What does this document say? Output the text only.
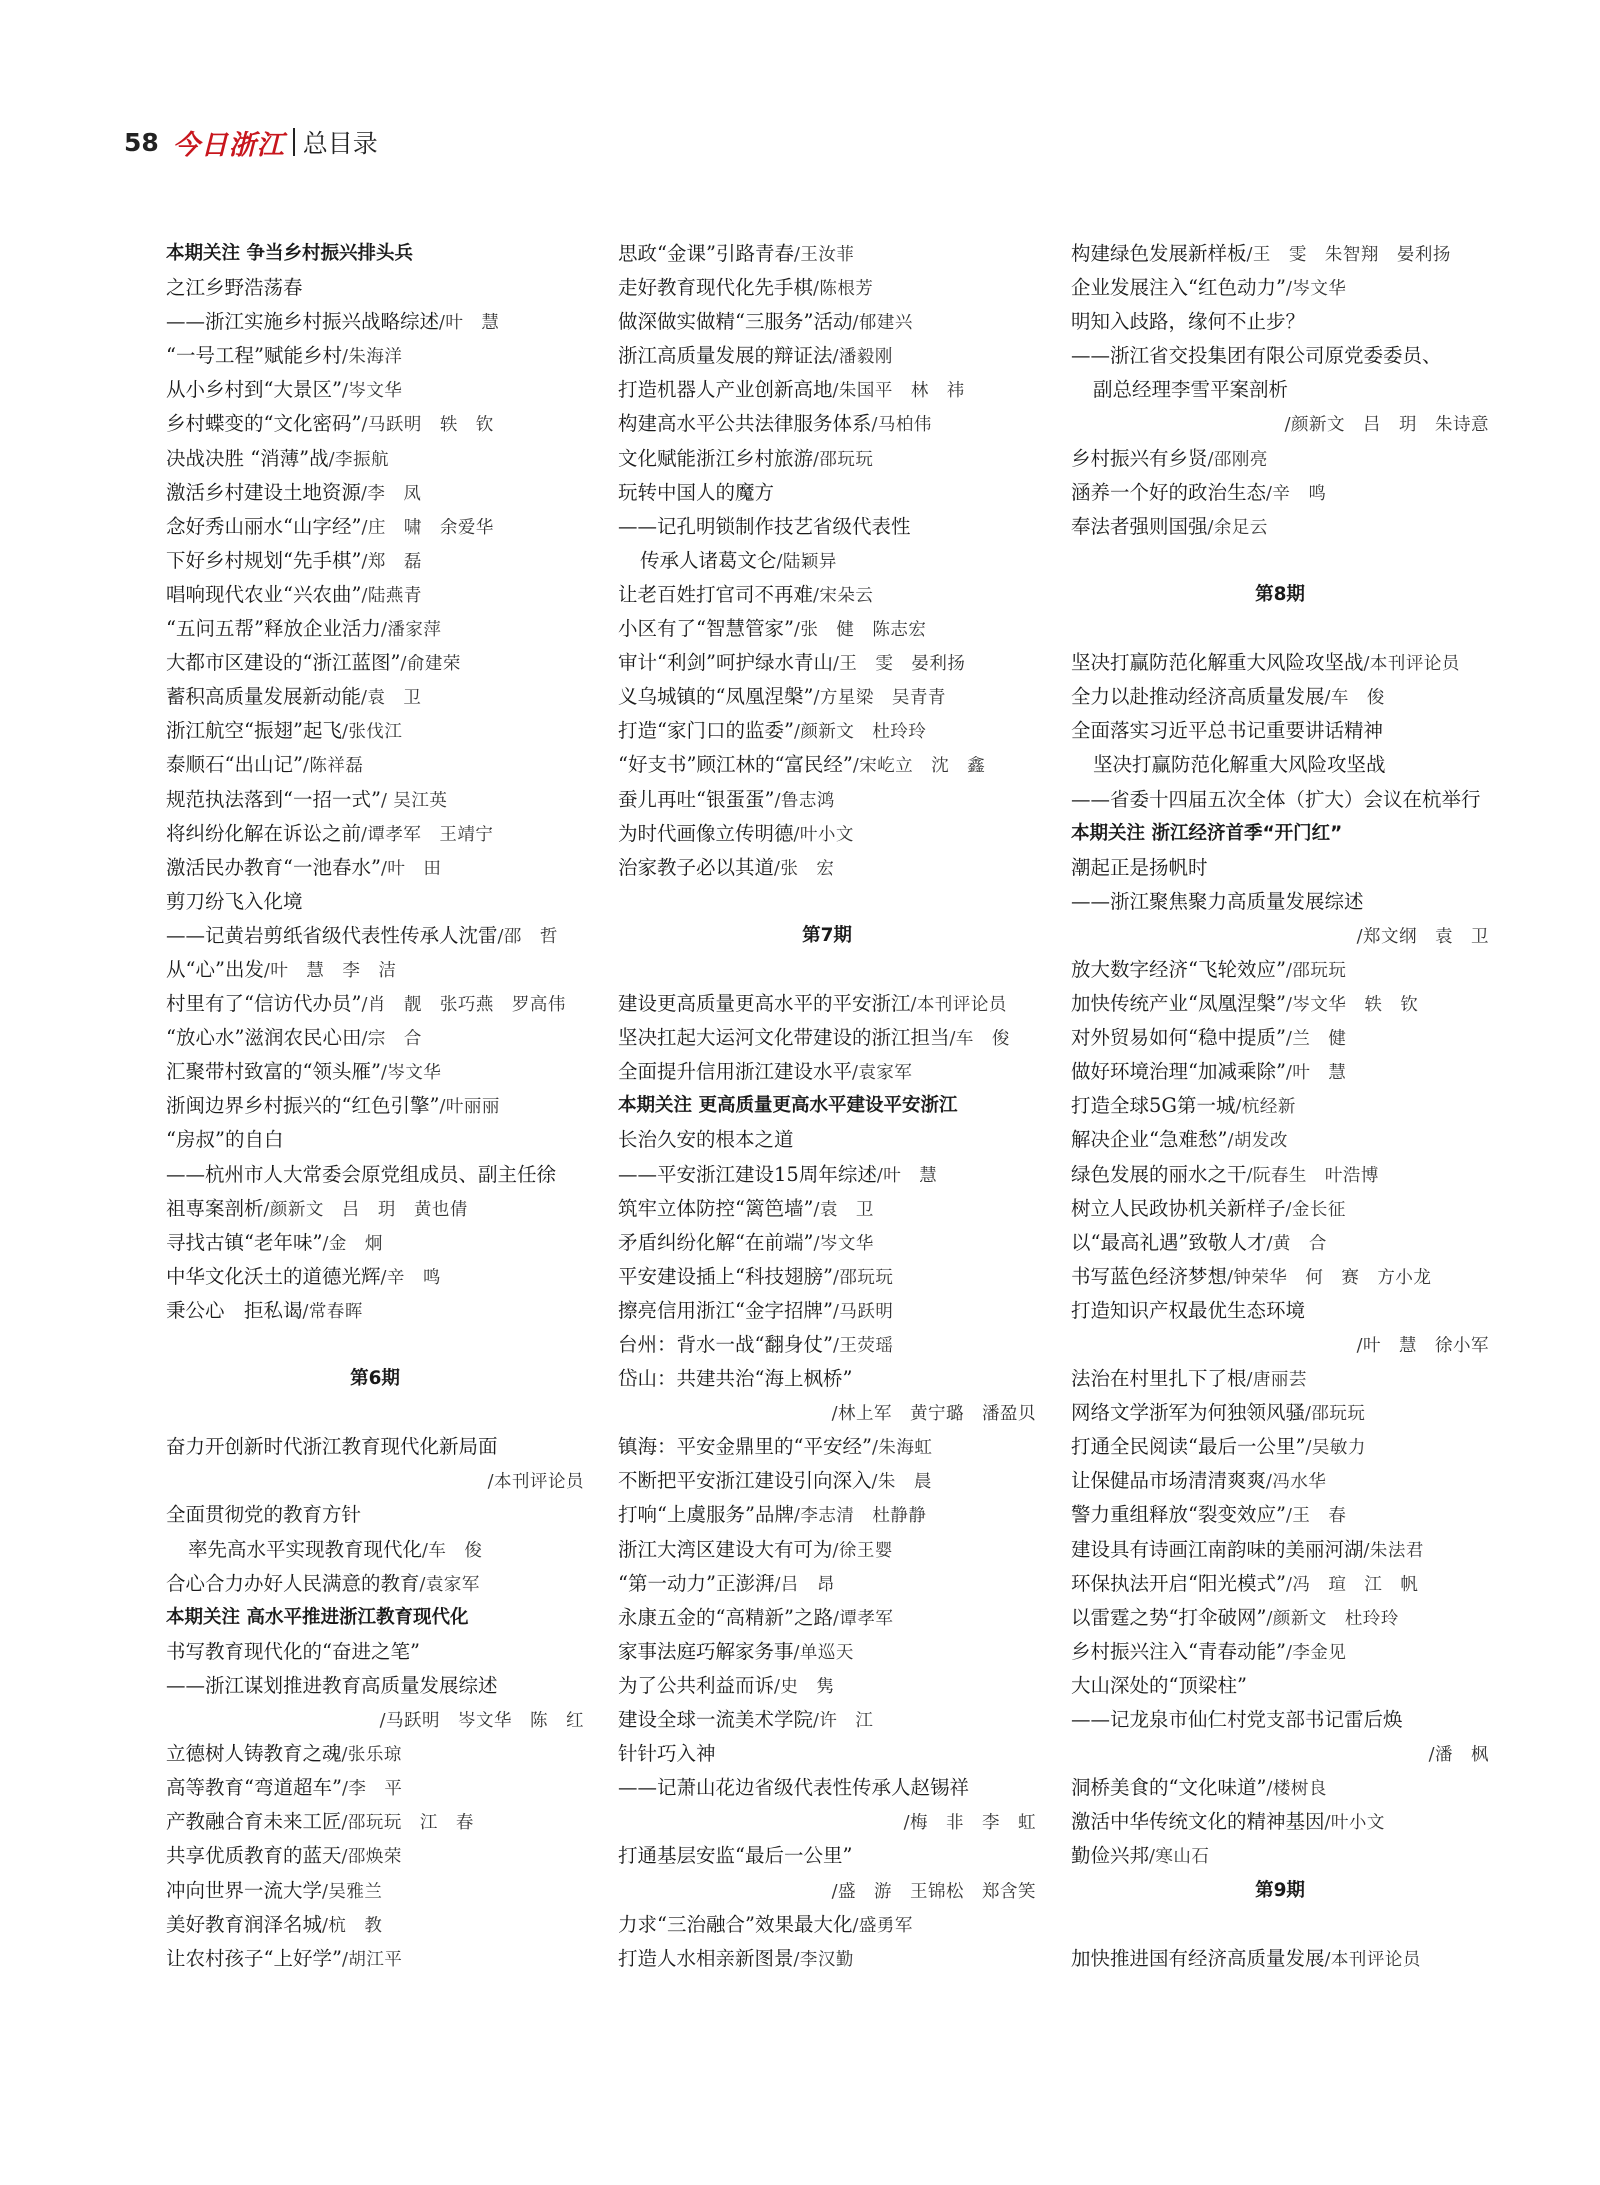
58 今日浙江 总目录
本期关注 争当乡村振兴排头兵
之江乡野浩荡春
——浙江实施乡村振兴战略综述/叶　慧
“一号工程”赋能乡村/朱海洋
从小乡村到“大景区”/岑文华
乡村蝶变的“文化密码”/马跃明　轶　钦
决战决胜 “消薄”战/李振航
激活乡村建设土地资源/李　凤
念好秀山丽水“山字经”/庄　啸　余爱华
下好乡村规划“先手棋”/郑　磊
唱响现代农业“兴农曲”/陆燕青
“五问五帮”释放企业活力/潘家萍
大都市区建设的“浙江蓝图”/俞建荣
蓄积高质量发展新动能/袁　卫
浙江航空“振翅”起飞/张伐江
泰顺石“出山记”/陈祥磊
规范执法落到“一招一式”/ 吴江英
将纠纷化解在诉讼之前/谭孝军　王靖宁
激活民办教育“一池春水”/叶　田
剪刀纷飞入化境
——记黄岩剪纸省级代表性传承人沈雷/邵　哲
从“心”出发/叶　慧　李　洁
村里有了“信访代办员”/肖　靓　张巧燕　罗高伟
“放心水”滋润农民心田/宗　合
汇聚带村致富的“领头雁”/岑文华
浙闽边界乡村振兴的“红色引擎”/叶丽丽
“房叔”的自白
——杭州市人大常委会原党组成员、副主任徐
祖専案剖析/颜新文　吕　玥　黄也倩
寻找古镇“老年味”/金　炯
中华文化沃土的道德光辉/辛　鸣
秉公心　拒私谒/常春晖
第6期
奋力开创新时代浙江教育现代化新局面
/本刊评论员
全面贯彻党的教育方针
率先高水平实现教育现代化/车　俊
合心合力办好人民满意的教育/袁家军
本期关注 高水平推进浙江教育现代化
书写教育现代化的“奋进之笔”
——浙江谋划推进教育高质量发展综述
/马跃明　岑文华　陈　红
立德树人铸教育之魂/张乐琼
高等教育“弯道超车”/李　平
产教融合育未来工匠/邵玩玩　江　春
共享优质教育的蓝天/邵焕荣
冲向世界一流大学/吴雅兰
美好教育润泽名城/杭　教
让农村孩子“上好学”/胡江平
思政“金课”引路青春/王汝菲
走好教育现代化先手棋/陈根芳
做深做实做精“三服务”活动/郁建兴
浙江高质量发展的辩证法/潘毅刚
打造机器人产业创新高地/朱国平　林　祎
构建高水平公共法律服务体系/马柏伟
文化赋能浙江乡村旅游/邵玩玩
玩转中国人的魔方
——记孔明锁制作技艺省级代表性
传承人诸葛文仑/陆颖异
让老百姓打官司不再难/宋朵云
小区有了“智慧管家”/张　健　陈志宏
审计“利剑”呵护绿水青山/王　雯　晏利扬
义乌城镇的“凤凰涅槃”/方星梁　吴青青
打造“家门口的监委”/颜新文　杜玲玲
“好支书”顾江林的“富民经”/宋屹立　沈　鑫
蚕儿再吐“银蛋蛋”/鲁志鸿
为时代画像立传明德/叶小文
治家教子必以其道/张　宏
第7期
建设更高质量更高水平的平安浙江/本刊评论员
坚决扛起大运河文化带建设的浙江担当/车　俊
全面提升信用浙江建设水平/袁家军
本期关注 更高质量更高水平建设平安浙江
长治久安的根本之道
——平安浙江建设15周年综述/叶　慧
筑牢立体防控“篱笆墙”/袁　卫
矛盾纠纷化解“在前端”/岑文华
平安建设插上“科技翅膀”/邵玩玩
擦亮信用浙江“金字招牌”/马跃明
台州：背水一战“翻身仗”/王荧瑶
岱山：共建共治“海上枫桥”
/林上军　黄宁璐　潘盈贝
镇海：平安金鼎里的“平安经”/朱海虹
不断把平安浙江建设引向深入/朱　晨
打响“上虞服务”品牌/李志清　杜静静
浙江大湾区建设大有可为/徐王婴
“第一动力”正澎湃/吕　昂
永康五金的“高精新”之路/谭孝军
家事法庭巧解家务事/单巡天
为了公共利益而诉/史　隽
建设全球一流美术学院/许　江
针针巧入神
——记萧山花边省级代表性传承人赵锡祥
/梅　非　李　虹
打通基层安监“最后一公里”
/盛　游　王锦松　郑含笑
力求“三治融合”效果最大化/盛勇军
打造人水相亲新图景/李汉勤
构建绿色发展新样板/王　雯　朱智翔　晏利扬
企业发展注入“红色动力”/岑文华
明知入歧路，缘何不止步？
——浙江省交投集团有限公司原党委委员、
副总经理李雪平案剖析
/颜新文　吕　玥　朱诗意
乡村振兴有乡贤/邵刚亮
涵养一个好的政治生态/辛　鸣
奉法者强则国强/余足云
第8期
坚决打赢防范化解重大风险攻坚战/本刊评论员
全力以赴推动经济高质量发展/车　俊
全面落实习近平总书记重要讲话精神
坚决打赢防范化解重大风险攻坚战
——省委十四届五次全体（扩大）会议在杭举行
本期关注 浙江经济首季“开门红”
潮起正是扬帆时
——浙江聚焦聚力高质量发展综述
/郑文纲　袁　卫
放大数字经济“飞轮效应”/邵玩玩
加快传统产业“凤凰涅槃”/岑文华　轶　钦
对外贸易如何“稳中提质”/兰　健
做好环境治理“加减乘除”/叶　慧
打造全球5G第一城/杭经新
解决企业“急难愁”/胡发改
绿色发展的丽水之干/阮春生　叶浩博
树立人民政协机关新样子/金长征
以“最高礼遇”致敬人才/黄　合
书写蓝色经济梦想/钟荣华　何　赛　方小龙
打造知识产权最优生态环境
/叶　慧　徐小军
法治在村里扎下了根/唐丽芸
网络文学浙军为何独领风骚/邵玩玩
打通全民阅读“最后一公里”/吴敏力
让保健品市场清清爽爽/冯水华
警力重组释放“裂变效应”/王　春
建设具有诗画江南韵味的美丽河湖/朱法君
环保执法开启“阳光模式”/冯　瑄　江　帆
以雷霆之势“打伞破网”/颜新文　杜玲玲
乡村振兴注入“青春动能”/李金见
大山深处的“顶梁柱”
——记龙泉市仙仁村党支部书记雷后焕
/潘　枫
洞桥美食的“文化味道”/楼树良
激活中华传统文化的精神基因/叶小文
勤俭兴邦/寒山石
第9期
加快推进国有经济高质量发展/本刊评论员
